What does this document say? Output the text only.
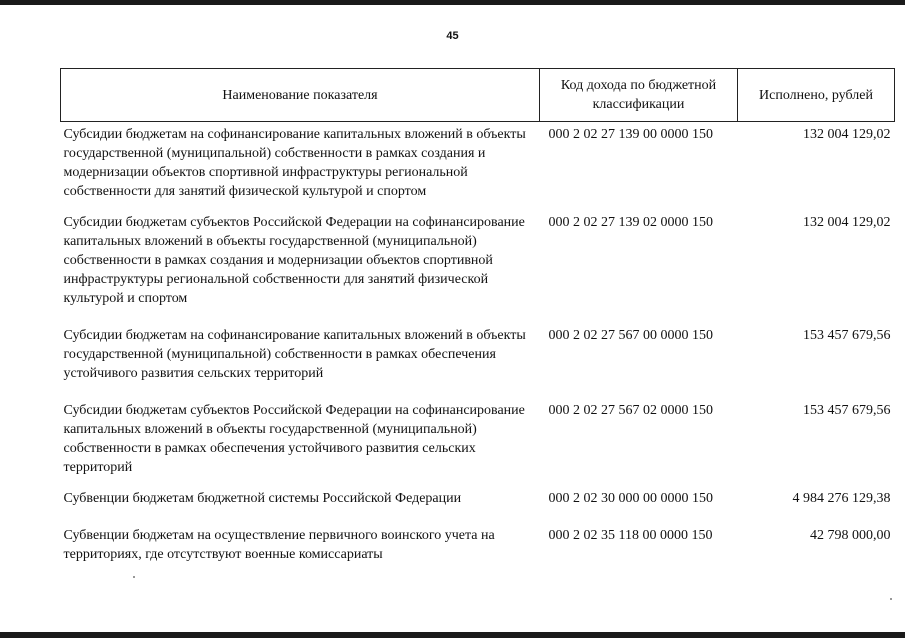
45
Наименование показателя	Код дохода по бюджетной классификации	Исполнено, рублей
Субсидии бюджетам на софинансирование капитальных вложений в объекты государственной (муниципальной) собственности в рамках создания и модернизации объектов спортивной инфраструктуры региональной собственности для занятий физической культурой и спортом	000 2 02 27 139 00 0000 150	132 004 129,02
Субсидии бюджетам субъектов Российской Федерации на софинансирование капитальных вложений в объекты государственной (муниципальной) собственности в рамках создания и модернизации объектов спортивной инфраструктуры региональной собственности для занятий физической культурой и спортом	000 2 02 27 139 02 0000 150	132 004 129,02
Субсидии бюджетам на софинансирование капитальных вложений в объекты государственной (муниципальной) собственности в рамках обеспечения устойчивого развития сельских территорий	000 2 02 27 567 00 0000 150	153 457 679,56
Субсидии бюджетам субъектов Российской Федерации на софинансирование капитальных вложений в объекты государственной (муниципальной) собственности в рамках обеспечения устойчивого развития сельских территорий	000 2 02 27 567 02 0000 150	153 457 679,56
Субвенции бюджетам бюджетной системы Российской Федерации	000 2 02 30 000 00 0000 150	4 984 276 129,38
Субвенции бюджетам на осуществление первичного воинского учета на территориях, где отсутствуют военные комиссариаты	000 2 02 35 118 00 0000 150	42 798 000,00
